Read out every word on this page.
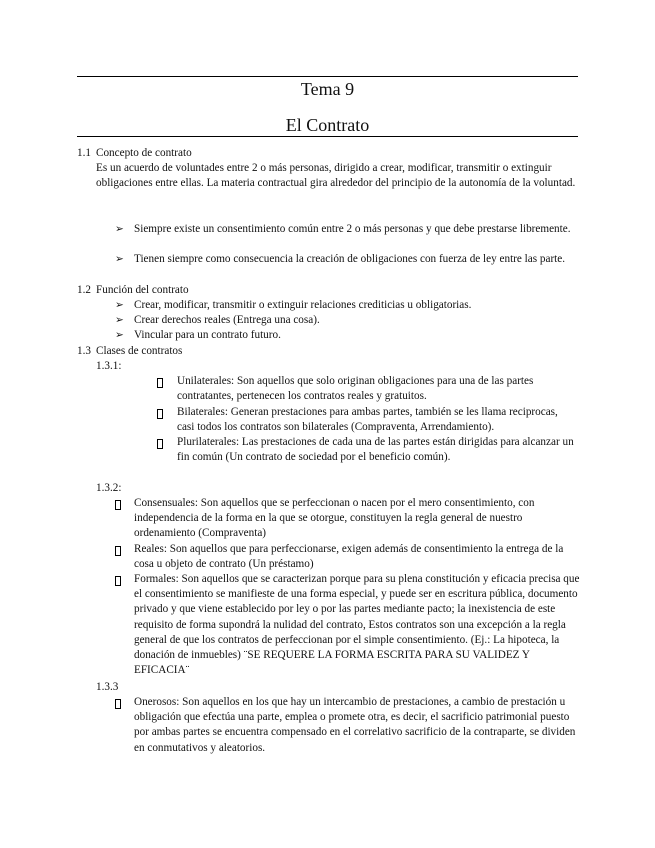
Tema 9
El Contrato
1.1 Concepto de contrato
Es un acuerdo de voluntades entre 2 o más personas, dirigido a crear, modificar, transmitir o extinguir obligaciones entre ellas. La materia contractual gira alrededor del principio de la autonomía de la voluntad.
➢ Siempre existe un consentimiento común entre 2 o más personas y que debe prestarse libremente.
➢ Tienen siempre como consecuencia la creación de obligaciones con fuerza de ley entre las parte.
1.2 Función del contrato
➢ Crear, modificar, transmitir o extinguir relaciones crediticias u obligatorias.
➢ Crear derechos reales (Entrega una cosa).
➢ Vincular para un contrato futuro.
1.3 Clases de contratos
1.3.1:
Unilaterales: Son aquellos que solo originan obligaciones para una de las partes contratantes, pertenecen los contratos reales y gratuitos.
Bilaterales: Generan prestaciones para ambas partes, también se les llama reciprocas, casi todos los contratos son bilaterales (Compraventa, Arrendamiento).
Plurilaterales: Las prestaciones de cada una de las partes están dirigidas para alcanzar un fin común (Un contrato de sociedad por el beneficio común).
1.3.2:
Consensuales: Son aquellos que se perfeccionan o nacen por el mero consentimiento, con independencia de la forma en la que se otorgue, constituyen la regla general de nuestro ordenamiento (Compraventa)
Reales: Son aquellos que para perfeccionarse, exigen además de consentimiento la entrega de la cosa u objeto de contrato (Un préstamo)
Formales: Son aquellos que se caracterizan porque para su plena constitución y eficacia precisa que el consentimiento se manifieste de una forma especial, y puede ser en escritura pública, documento privado y que viene establecido por ley o por las partes mediante pacto; la inexistencia de este requisito de forma supondrá la nulidad del contrato, Estos contratos son una excepción a la regla general de que los contratos de perfeccionan por el simple consentimiento. (Ej.: La hipoteca, la donación de inmuebles) ¨SE REQUERE LA FORMA ESCRITA PARA SU VALIDEZ Y EFICACIA¨
1.3.3
Onerosos: Son aquellos en los que hay un intercambio de prestaciones, a cambio de prestación u obligación que efectúa una parte, emplea o promete otra, es decir, el sacrificio patrimonial puesto por ambas partes se encuentra compensado en el correlativo sacrificio de la contraparte, se dividen en conmutativos y aleatorios.
